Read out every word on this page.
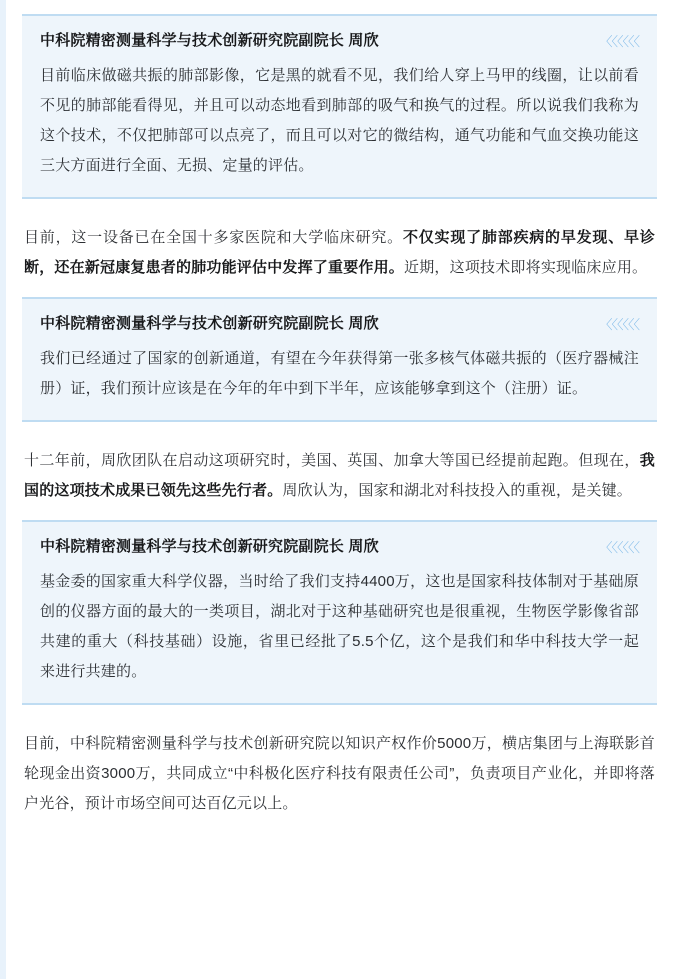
中科院精密测量科学与技术创新研究院副院长 周欣	〈〈〈〈〈〈
目前临床做磁共振的肺部影像，它是黑的就看不见，我们给人穿上马甲的线圈，让以前看不见的肺部能看得见，并且可以动态地看到肺部的吸气和换气的过程。所以说我们我称为这个技术，不仅把肺部可以点亮了，而且可以对它的微结构，通气功能和气血交换功能这三大方面进行全面、无损、定量的评估。

目前，这一设备已在全国十多家医院和大学临床研究。不仅实现了肺部疾病的早发现、早诊断，还在新冠康复患者的肺功能评估中发挥了重要作用。近期，这项技术即将实现临床应用。

中科院精密测量科学与技术创新研究院副院长 周欣	〈〈〈〈〈〈
我们已经通过了国家的创新通道，有望在今年获得第一张多核气体磁共振的（医疗器械注册）证，我们预计应该是在今年的年中到下半年，应该能够拿到这个（注册）证。

十二年前，周欣团队在启动这项研究时，美国、英国、加拿大等国已经提前起跑。但现在，我国的这项技术成果已领先这些先行者。周欣认为，国家和湖北对科技投入的重视，是关键。

中科院精密测量科学与技术创新研究院副院长 周欣	〈〈〈〈〈〈
基金委的国家重大科学仪器，当时给了我们支持4400万，这也是国家科技体制对于基础原创的仪器方面的最大的一类项目，湖北对于这种基础研究也是很重视，生物医学影像省部共建的重大（科技基础）设施，省里已经批了5.5个亿，这个是我们和华中科技大学一起来进行共建的。

目前，中科院精密测量科学与技术创新研究院以知识产权作价5000万，横店集团与上海联影首轮现金出资3000万，共同成立“中科极化医疗科技有限责任公司”，负责项目产业化，并即将落户光谷，预计市场空间可达百亿元以上。
